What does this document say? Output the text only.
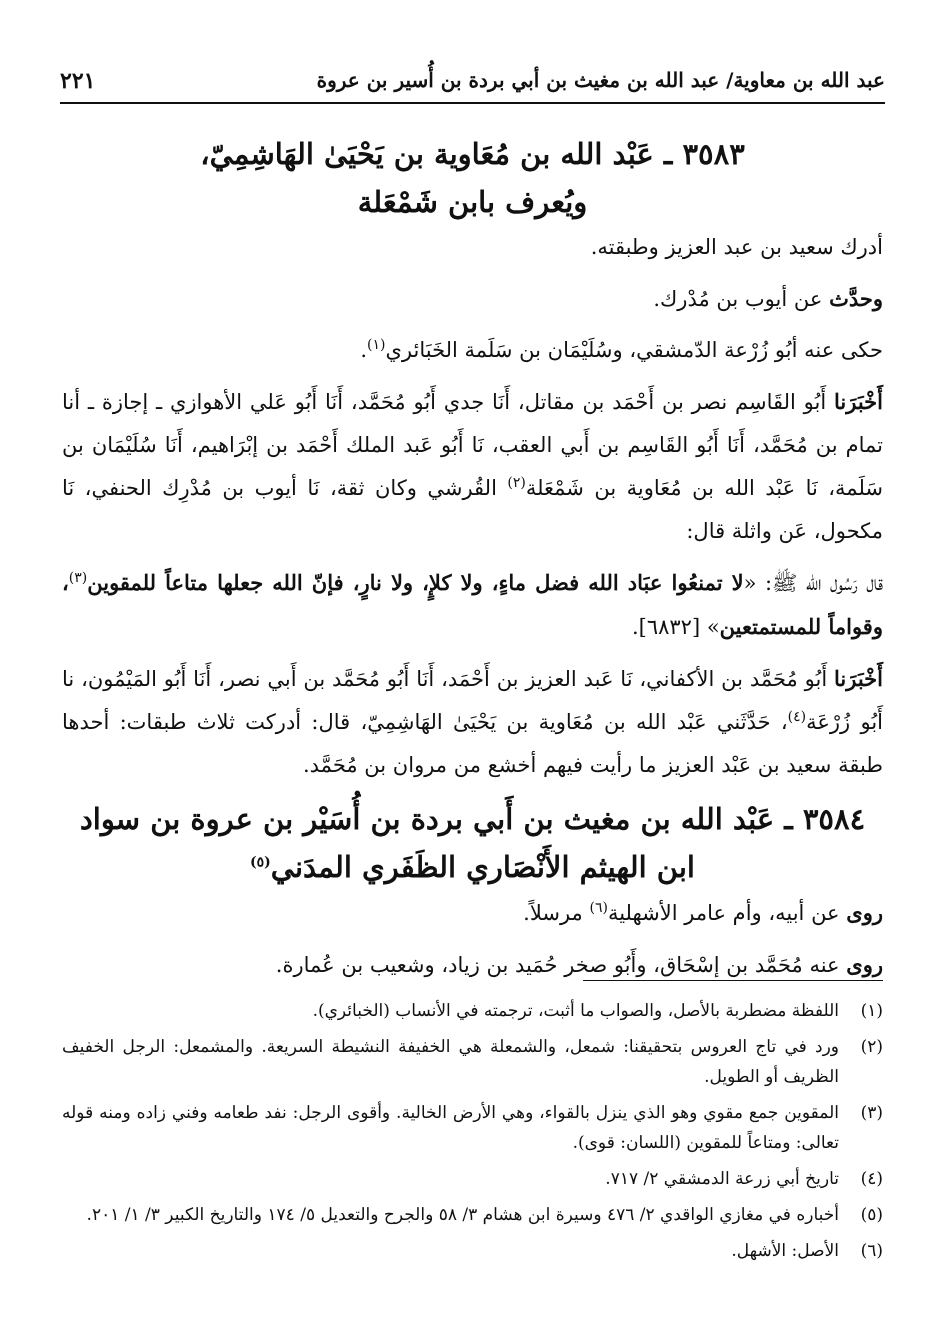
عبد الله بن معاوية/ عبد الله بن مغيث بن أبي بردة بن أُسير بن عروة
٢٢١
٣٥٨٣ ـ عَبْد الله بن مُعَاوية بن يَحْيَىٰ الهَاشِمِيّ،
ويُعرف بابن شَمْعَلة

أدرك سعيد بن عبد العزيز وطبقته.

وحدَّث عن أيوب بن مُدْرك.

حكى عنه أبُو زُرْعة الدّمشقي، وسُلَيْمَان بن سَلَمة الخَبَائري$^{(١)}$.

أَخْبَرَنا أَبُو القَاسِم نصر بن أَحْمَد بن مقاتل، أَنَا جدي أَبُو مُحَمَّد، أَنَا أَبُو عَلي الأهوازي ـ إجازة ـ أنا تمام بن مُحَمَّد، أَنَا أَبُو القَاسِم بن أَبي العقب، نَا أَبُو عَبد الملك أَحْمَد بن إبْرَاهيم، أَنَا سُلَيْمَان بن سَلَمة، نَا عَبْد الله بن مُعَاوية بن شَمْعَلة$^{(٢)}$ القُرشي وكان ثقة، نَا أيوب بن مُدْرِك الحنفي، نَا مكحول، عَن واثلة قال:

قال رَسُول الله ﷺ: «لا تمنعُوا عبَاد الله فضل ماءٍ، ولا كلإٍ، ولا نارٍ، فإنّ الله جعلها متاعاً للمقوين$^{(٣)}$، وقواماً للمستمتعين» [٦٨٣٢].

أَخْبَرَنا أَبُو مُحَمَّد بن الأكفاني، نَا عَبد العزيز بن أَحْمَد، أَنَا أَبُو مُحَمَّد بن أَبي نصر، أَنَا أَبُو المَيْمُون، نا أَبُو زُرْعَة$^{(٤)}$، حَدَّثَني عَبْد الله بن مُعَاوية بن يَحْيَىٰ الهَاشِمِيّ، قال: أدركت ثلاث طبقات: أحدها طبقة سعيد بن عَبْد العزيز ما رأيت فيهم أخشع من مروان بن مُحَمَّد.

٣٥٨٤ ـ عَبْد الله بن مغيث بن أَبي بردة بن أُسَيْر بن عروة بن سواد
ابن الهيثم الأَنْصَاري الظَفَري المدَني$^{(٥)}$

روى عن أبيه، وأم عامر الأشهلية$^{(٦)}$ مرسلاً.

روى عنه مُحَمَّد بن إسْحَاق، وأَبُو صخر حُمَيد بن زياد، وشعيب بن عُمارة.

(١)
اللفظة مضطربة بالأصل، والصواب ما أثبت، ترجمته في الأنساب (الخبائري).
(٢)
ورد في تاج العروس بتحقيقنا: شمعل، والشمعلة هي الخفيفة النشيطة السريعة. والمشمعل: الرجل الخفيف الظريف أو الطويل.
(٣)
المقوين جمع مقوي وهو الذي ينزل بالقواء، وهي الأرض الخالية. وأقوى الرجل: نفد طعامه وفني زاده ومنه قوله تعالى: ومتاعاً للمقوين (اللسان: قوى).
(٤)
تاريخ أبي زرعة الدمشقي ٢/ ٧١٧.
(٥)
أخباره في مغازي الواقدي ٢/ ٤٧٦ وسيرة ابن هشام ٣/ ٥٨ والجرح والتعديل ٥/ ١٧٤ والتاريخ الكبير ٣/ ١/ ٢٠١.
(٦)
الأصل: الأشهل.
